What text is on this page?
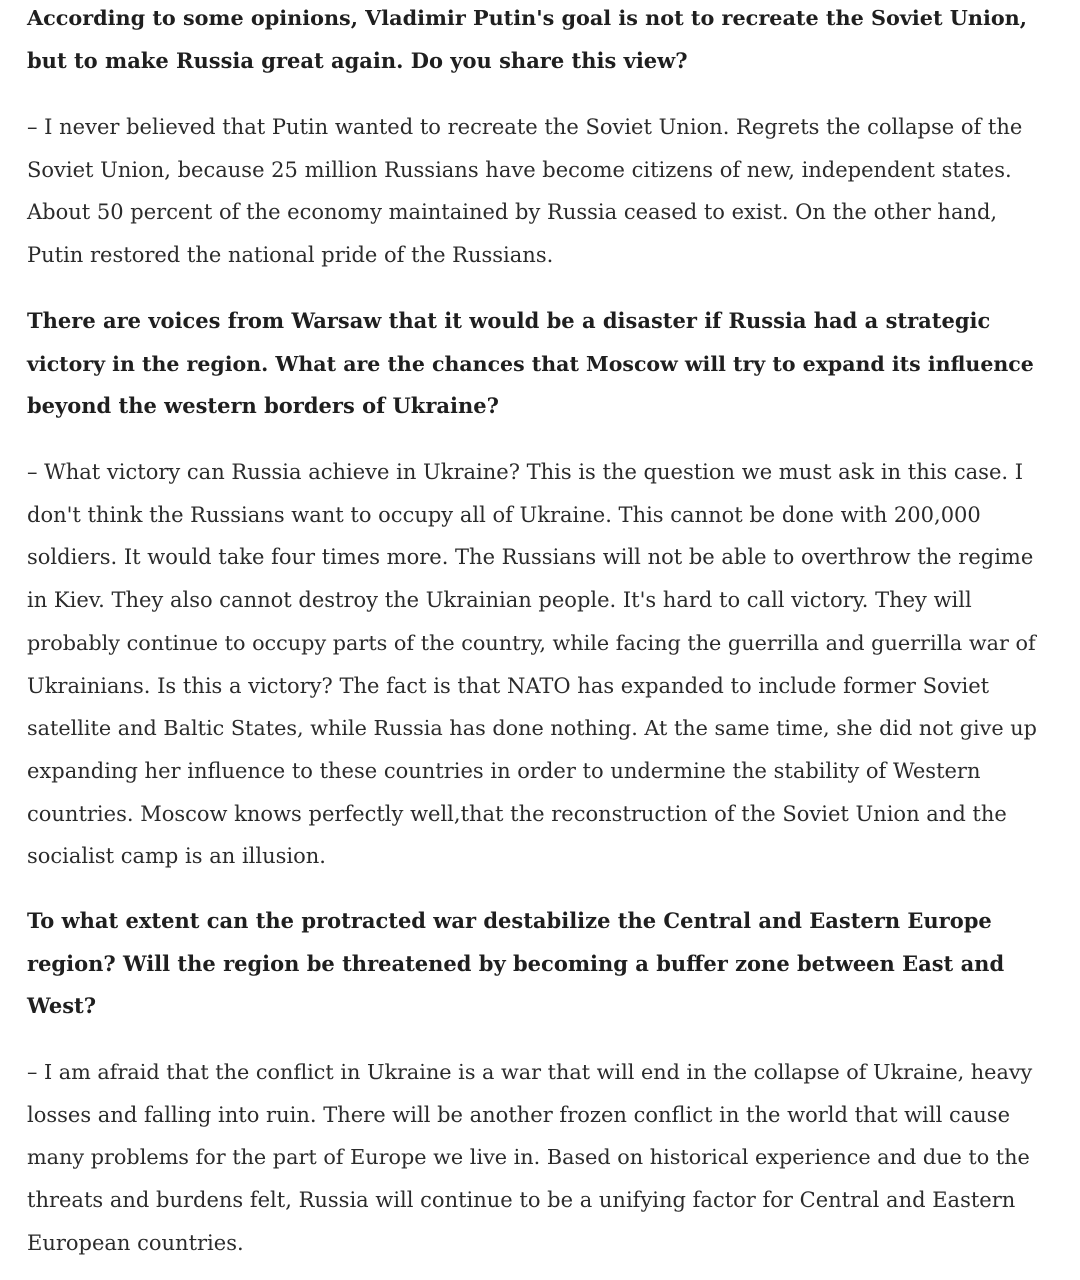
According to some opinions, Vladimir Putin's goal is not to recreate the Soviet Union,
but to make Russia great again. Do you share this view?

– I never believed that Putin wanted to recreate the Soviet Union. Regrets the collapse of the
Soviet Union, because 25 million Russians have become citizens of new, independent states.
About 50 percent of the economy maintained by Russia ceased to exist. On the other hand,
Putin restored the national pride of the Russians.

There are voices from Warsaw that it would be a disaster if Russia had a strategic
victory in the region. What are the chances that Moscow will try to expand its influence
beyond the western borders of Ukraine?

– What victory can Russia achieve in Ukraine? This is the question we must ask in this case. I
don't think the Russians want to occupy all of Ukraine. This cannot be done with 200,000
soldiers. It would take four times more. The Russians will not be able to overthrow the regime
in Kiev. They also cannot destroy the Ukrainian people. It's hard to call victory. They will
probably continue to occupy parts of the country, while facing the guerrilla and guerrilla war of
Ukrainians. Is this a victory? The fact is that NATO has expanded to include former Soviet
satellite and Baltic States, while Russia has done nothing. At the same time, she did not give up
expanding her influence to these countries in order to undermine the stability of Western
countries. Moscow knows perfectly well,that the reconstruction of the Soviet Union and the
socialist camp is an illusion.

To what extent can the protracted war destabilize the Central and Eastern Europe
region? Will the region be threatened by becoming a buffer zone between East and
West?

– I am afraid that the conflict in Ukraine is a war that will end in the collapse of Ukraine, heavy
losses and falling into ruin. There will be another frozen conflict in the world that will cause
many problems for the part of Europe we live in. Based on historical experience and due to the
threats and burdens felt, Russia will continue to be a unifying factor for Central and Eastern
European countries.
